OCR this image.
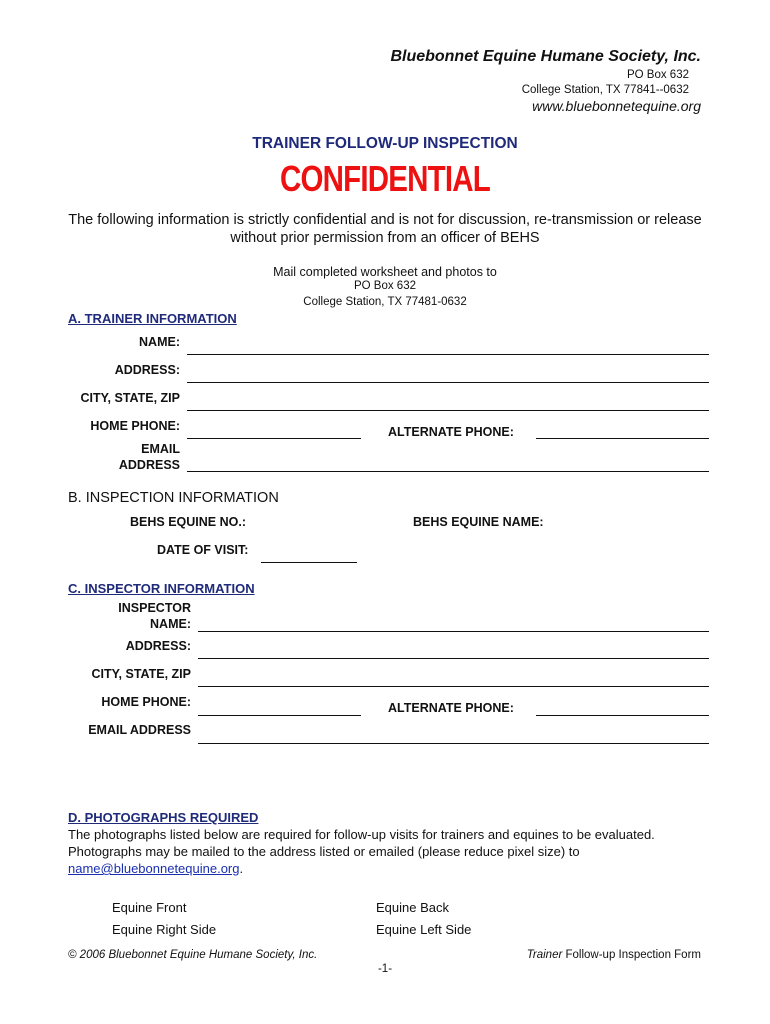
Bluebonnet Equine Humane Society, Inc.
PO Box 632
College Station, TX 77841--0632
www.bluebonnetequine.org
TRAINER FOLLOW-UP INSPECTION
CONFIDENTIAL
The following information is strictly confidential and is not for discussion, re-transmission or release without prior permission from an officer of BEHS
Mail completed worksheet and photos to
PO Box 632
College Station, TX 77481-0632
A. TRAINER INFORMATION
NAME:
ADDRESS:
CITY, STATE, ZIP
HOME PHONE:	ALTERNATE PHONE:
EMAIL
ADDRESS
B. INSPECTION INFORMATION
BEHS EQUINE NO.:	BEHS EQUINE NAME:
DATE OF VISIT:
C. INSPECTOR INFORMATION
INSPECTOR
NAME:
ADDRESS:
CITY, STATE, ZIP
HOME PHONE:	ALTERNATE PHONE:
EMAIL ADDRESS
D. PHOTOGRAPHS REQUIRED
The photographs listed below are required for follow-up visits for trainers and equines to be evaluated. Photographs may be mailed to the address listed or emailed (please reduce pixel size) to name@bluebonnetequine.org.
Equine Front	Equine Back
Equine Right Side	Equine Left Side
© 2006 Bluebonnet Equine Humane Society, Inc.	Trainer Follow-up Inspection Form
-1-
